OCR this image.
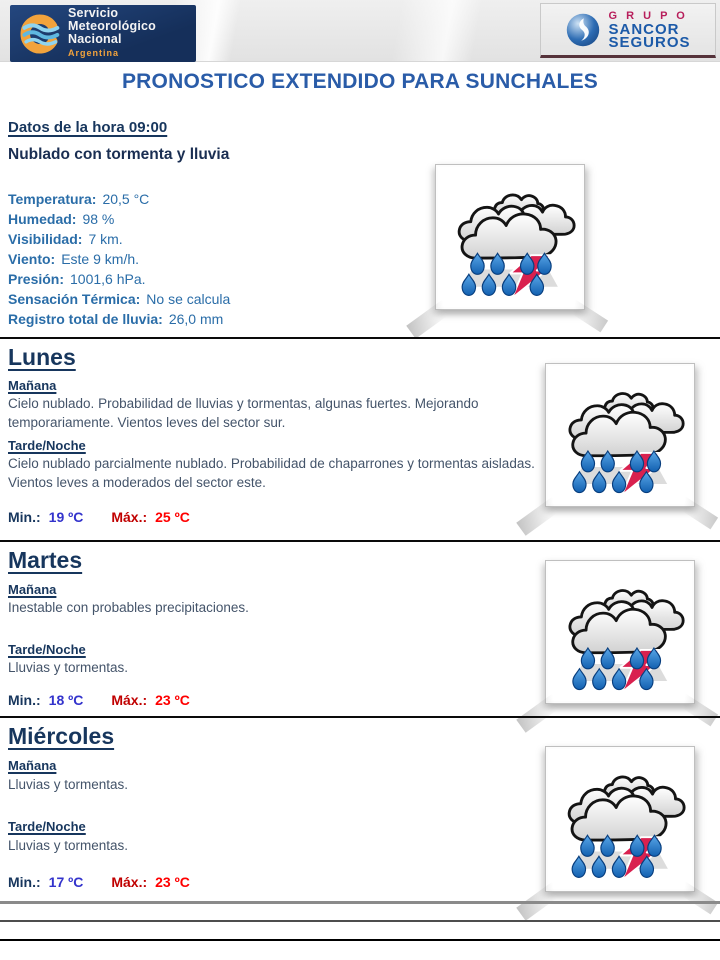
Servicio
Meteorológico
Nacional
Argentina
G R U P O
SANCOR
SEGUROS
PRONOSTICO EXTENDIDO PARA SUNCHALES
Datos de la hora 09:00
Nublado con tormenta y lluvia
Temperatura: 20,5 °C
Humedad: 98 %
Visibilidad: 7 km.
Viento: Este 9 km/h.
Presión: 1001,6 hPa.
Sensación Térmica: No se calcula
Registro total de lluvia: 26,0 mm
Lunes
Mañana
Cielo nublado. Probabilidad de lluvias y tormentas, algunas fuertes. Mejorando temporariamente. Vientos leves del sector sur.
Tarde/Noche
Cielo nublado parcialmente nublado. Probabilidad de chaparrones y tormentas aisladas. Vientos leves a moderados del sector este.
Min.: 19 ºC Máx.: 25 ºC
Martes
Mañana
Inestable con probables precipitaciones.
Tarde/Noche
Lluvias y tormentas.
Min.: 18 ºC Máx.: 23 ºC
Miércoles
Mañana
Lluvias y tormentas.
Tarde/Noche
Lluvias y tormentas.
Min.: 17 ºC Máx.: 23 ºC
